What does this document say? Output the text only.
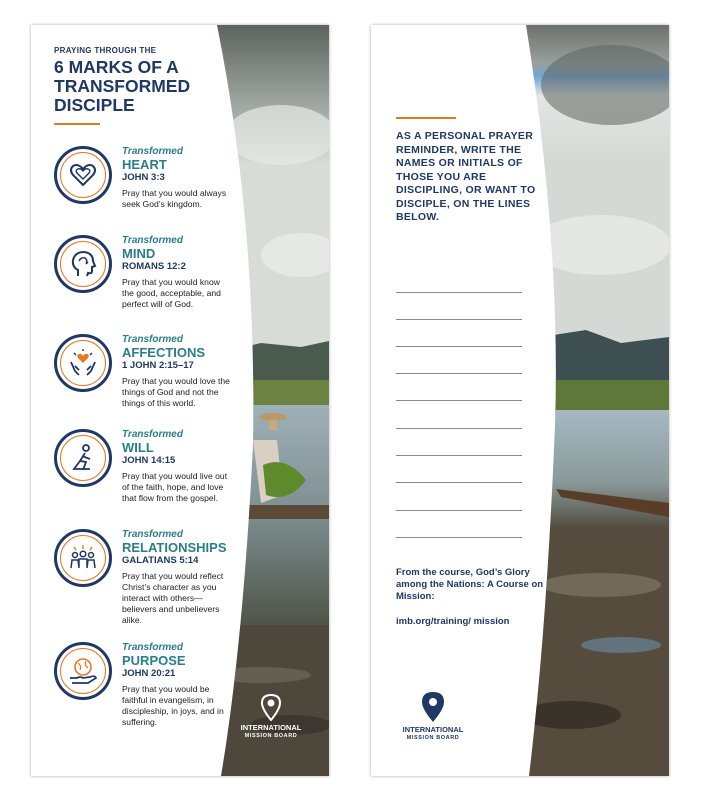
PRAYING THROUGH THE
6 MARKS OF A TRANSFORMED DISCIPLE
Transformed
HEART
JOHN 3:3
Pray that you would always seek God’s kingdom.
Transformed
MIND
ROMANS 12:2
Pray that you would know the good, acceptable, and perfect will of God.
Transformed
AFFECTIONS
1 JOHN 2:15–17
Pray that you would love the things of God and not the things of this world.
Transformed
WILL
JOHN 14:15
Pray that you would live out of the faith, hope, and love that flow from the gospel.
Transformed
RELATIONSHIPS
GALATIANS 5:14
Pray that you would reflect Christ’s character as you interact with others—believers and unbelievers alike.
Transformed
PURPOSE
JOHN 20:21
Pray that you would be faithful in evangelism, in discipleship, in joys, and in suffering.
INTERNATIONAL
MISSION BOARD
AS A PERSONAL PRAYER REMINDER, WRITE THE NAMES OR INITIALS OF THOSE YOU ARE DISCIPLING, OR WANT TO DISCIPLE, ON THE LINES BELOW.
From the course, God’s Glory among the Nations: A Course on Mission:
imb.org/training/ mission
INTERNATIONAL
MISSION BOARD
